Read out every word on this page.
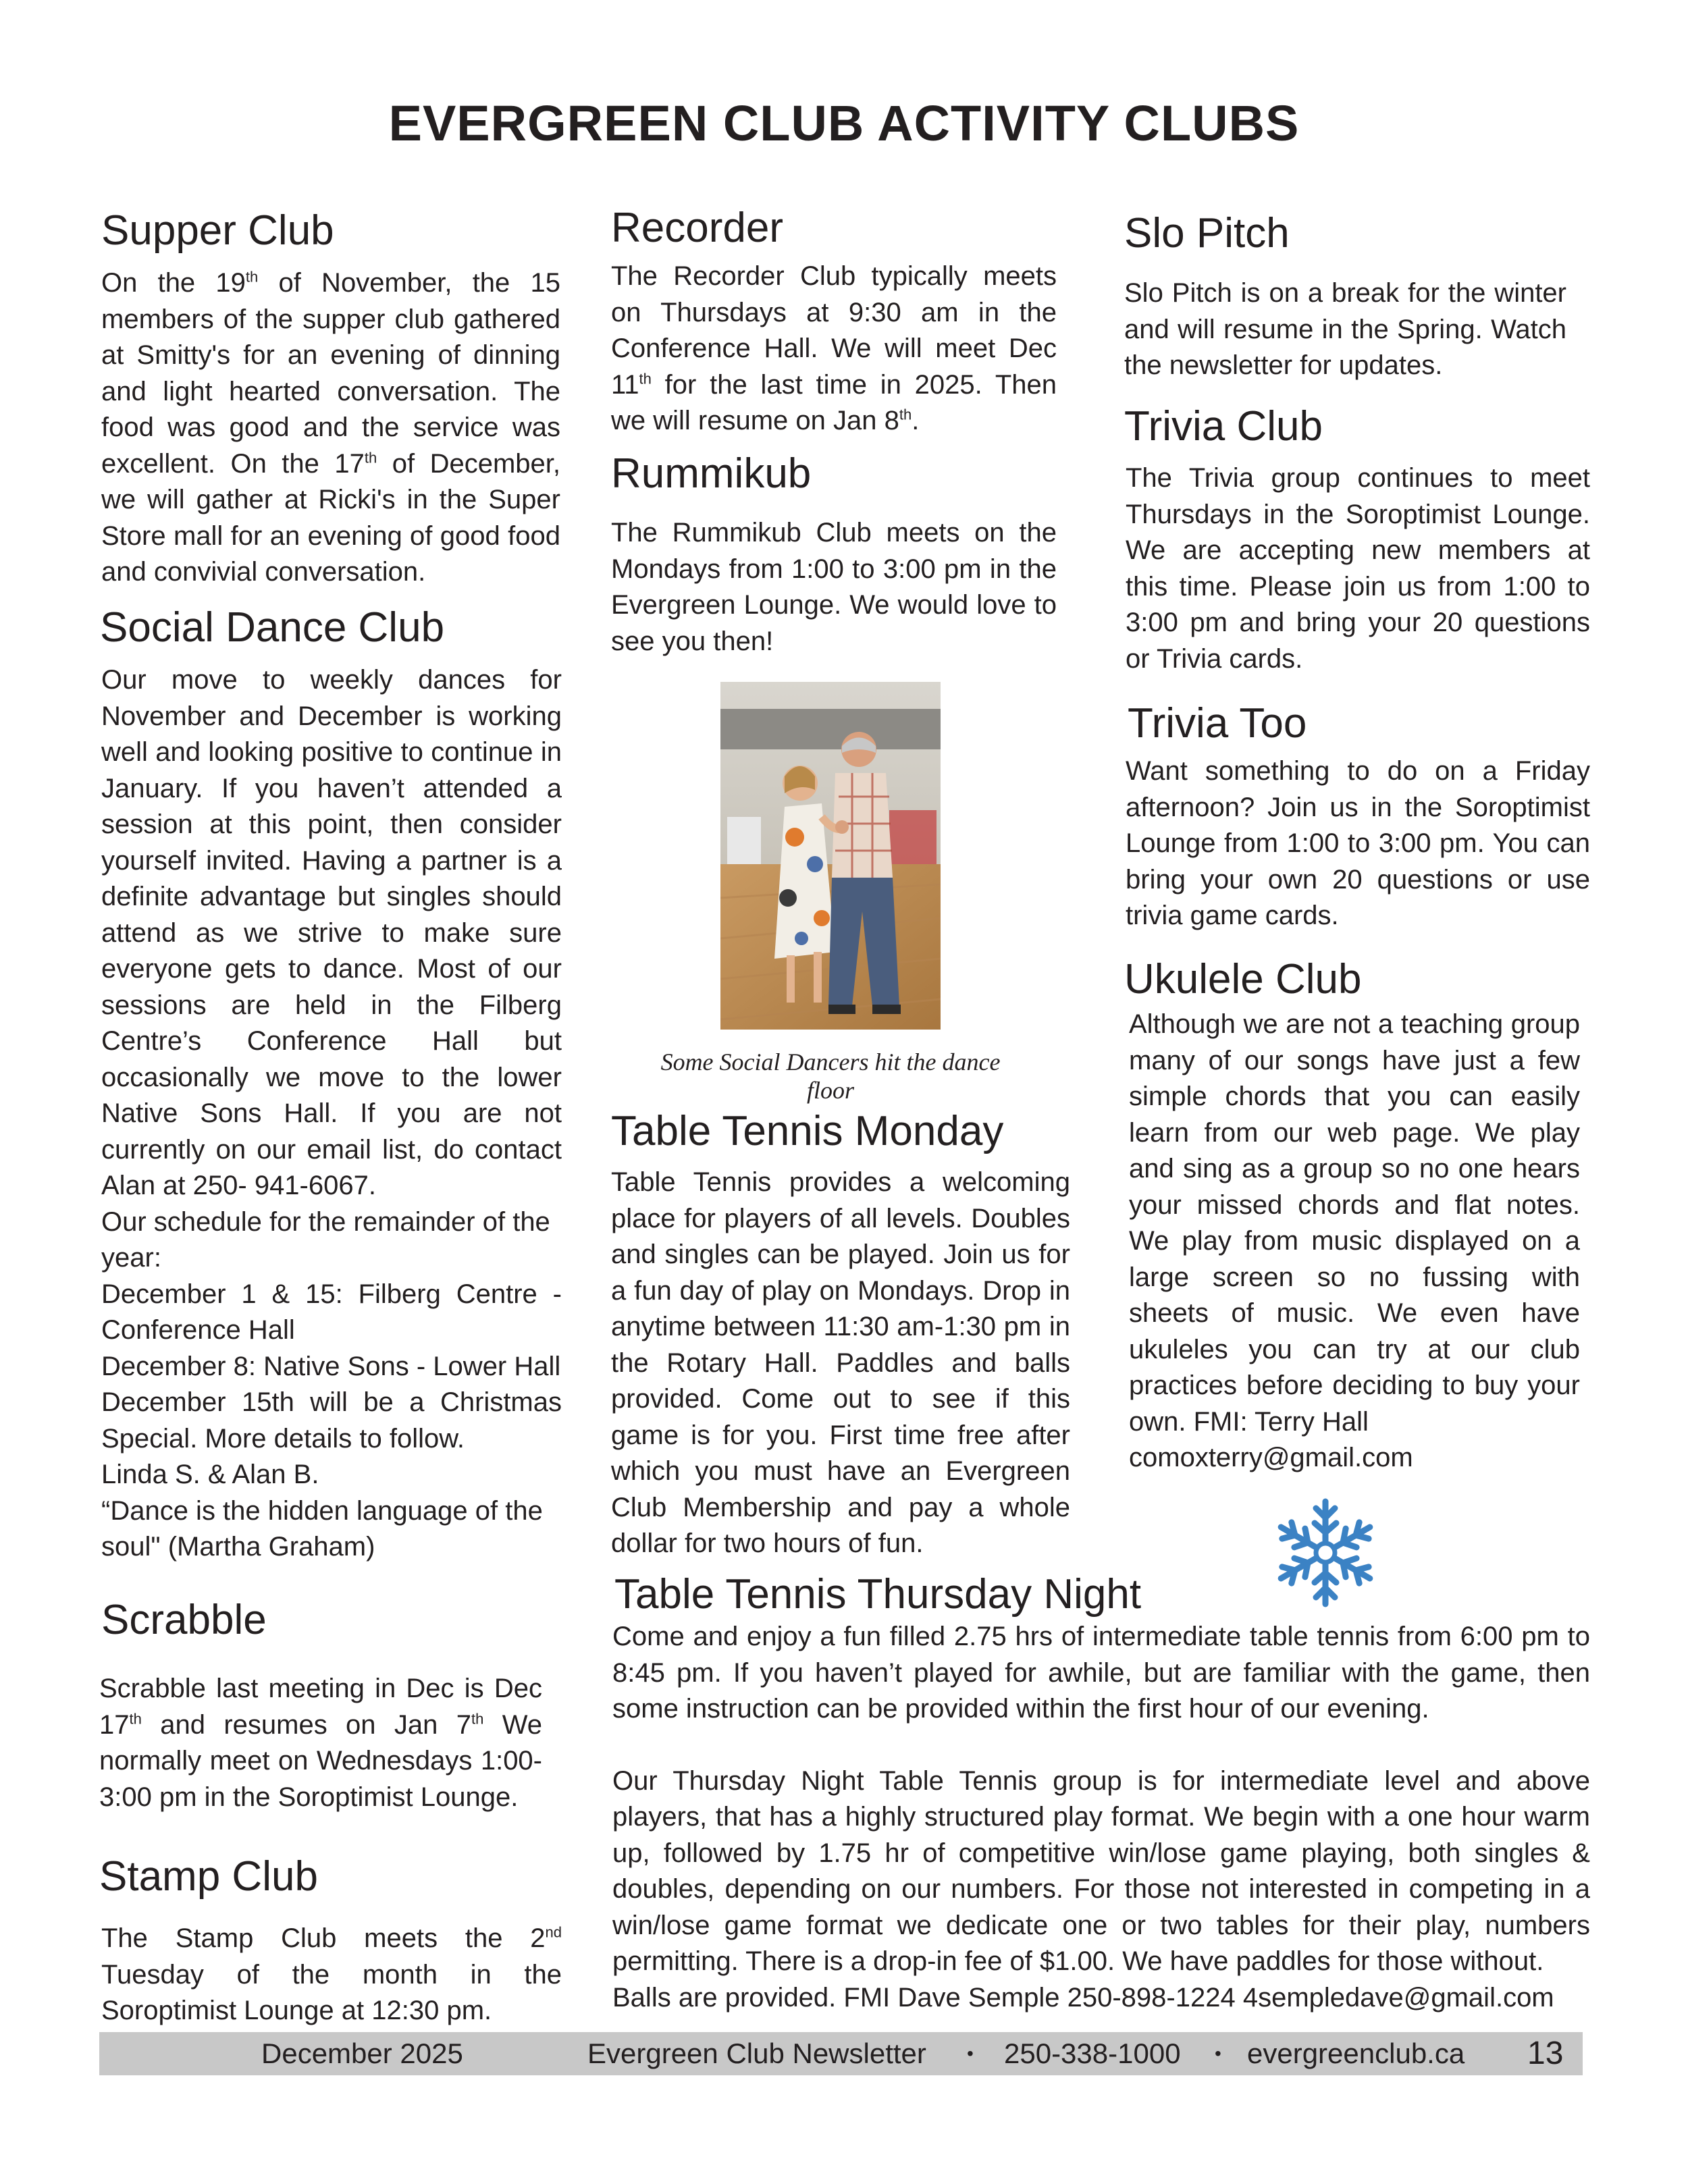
EVERGREEN CLUB ACTIVITY CLUBS
Supper Club
On the 19th of November, the 15 members of the supper club gathered at Smitty's for an evening of dinning and light hearted conversation. The food was good and the service was excellent. On the 17th of December, we will gather at Ricki's in the Super Store mall for an evening of good food and convivial conversation.
Social Dance Club
Our move to weekly dances for November and December is working well and looking positive to continue in January. If you haven’t attended a session at this point, then consider yourself invited. Having a partner is a definite advantage but singles should attend as we strive to make sure everyone gets to dance. Most of our sessions are held in the Filberg Centre’s Conference Hall but occasionally we move to the lower Native Sons Hall. If you are not currently on our email list, do contact Alan at 250- 941-6067.
Our schedule for the remainder of the year:
December 1 & 15: Filberg Centre - Conference Hall
December 8: Native Sons - Lower Hall
December 15th will be a Christmas Special. More details to follow.
Linda S. & Alan B.
“Dance is the hidden language of the soul" (Martha Graham)
Scrabble
Scrabble last meeting in Dec is Dec 17th and resumes on Jan 7th We normally meet on Wednesdays 1:00-3:00 pm in the Soroptimist Lounge.
Stamp Club
The Stamp Club meets the 2nd Tuesday of the month in the Soroptimist Lounge at 12:30 pm.
Recorder
The Recorder Club typically meets on Thursdays at 9:30 am in the Conference Hall. We will meet Dec 11th for the last time in 2025. Then we will resume on Jan 8th.
Rummikub
The Rummikub Club meets on the Mondays from 1:00 to 3:00 pm in the Evergreen Lounge. We would love to see you then!
Some Social Dancers hit the dance floor
Table Tennis Monday
Table Tennis provides a welcoming place for players of all levels. Doubles and singles can be played. Join us for a fun day of play on Mondays. Drop in anytime between 11:30 am-1:30 pm in the Rotary Hall. Paddles and balls provided. Come out to see if this game is for you. First time free after which you must have an Evergreen Club Membership and pay a whole dollar for two hours of fun.
Slo Pitch
Slo Pitch is on a break for the winter and will resume in the Spring. Watch the newsletter for updates.
Trivia Club
The Trivia group continues to meet Thursdays in the Soroptimist Lounge. We are accepting new members at this time. Please join us from 1:00 to 3:00 pm and bring your 20 questions or Trivia cards.
Trivia Too
Want something to do on a Friday afternoon? Join us in the Soroptimist Lounge from 1:00 to 3:00 pm. You can bring your own 20 questions or use trivia game cards.
Ukulele Club
Although we are not a teaching group many of our songs have just a few simple chords that you can easily learn from our web page. We play and sing as a group so no one hears your missed chords and flat notes. We play from music displayed on a large screen so no fussing with sheets of music. We even have ukuleles you can try at our club practices before deciding to buy your own. FMI: Terry Hall
comoxterry@gmail.com
Table Tennis Thursday Night
Come and enjoy a fun filled 2.75 hrs of intermediate table tennis from 6:00 pm to 8:45 pm. If you haven’t played for awhile, but are familiar with the game, then some instruction can be provided within the first hour of our evening.
Our Thursday Night Table Tennis group is for intermediate level and above players, that has a highly structured play format. We begin with a one hour warm up, followed by 1.75 hr of competitive win/lose game playing, both singles & doubles, depending on our numbers. For those not interested in competing in a win/lose game format we dedicate one or two tables for their play, numbers permitting. There is a drop-in fee of $1.00. We have paddles for those without.
Balls are provided. FMI Dave Semple 250-898-1224 4sempledave@gmail.com
December 2025	Evergreen Club Newsletter • 250-338-1000 • evergreenclub.ca 13
